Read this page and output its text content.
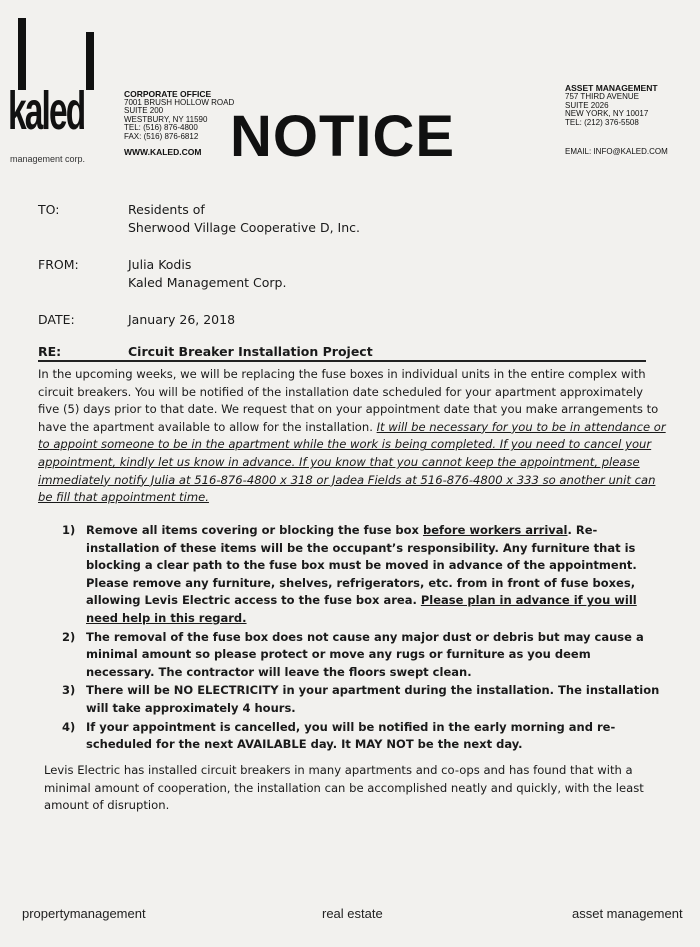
kaled
management corp.
CORPORATE OFFICE
7001 BRUSH HOLLOW ROAD
SUITE 200
WESTBURY, NY 11590
TEL: (516) 876-4800
FAX: (516) 876-6812
WWW.KALED.COM NOTICE
ASSET MANAGEMENT
757 THIRD AVENUE
SUITE 2026
NEW YORK, NY 10017
TEL: (212) 376-5508
EMAIL: INFO@KALED.COM
TO:	Residents of
Sherwood Village Cooperative D, Inc.
FROM:	Julia Kodis
Kaled Management Corp.
DATE:	January 26, 2018
RE:	Circuit Breaker Installation Project
In the upcoming weeks, we will be replacing the fuse boxes in individual units in the entire complex with circuit breakers. You will be notified of the installation date scheduled for your apartment approximately five (5) days prior to that date. We request that on your appointment date that you make arrangements to have the apartment available to allow for the installation. It will be necessary for you to be in attendance or to appoint someone to be in the apartment while the work is being completed. If you need to cancel your appointment, kindly let us know in advance. If you know that you cannot keep the appointment, please immediately notify Julia at 516-876-4800 x 318 or Jadea Fields at 516-876-4800 x 333 so another unit can be fill that appointment time.
1) Remove all items covering or blocking the fuse box before workers arrival. Re-installation of these items will be the occupant’s responsibility. Any furniture that is blocking a clear path to the fuse box must be moved in advance of the appointment. Please remove any furniture, shelves, refrigerators, etc. from in front of fuse boxes, allowing Levis Electric access to the fuse box area. Please plan in advance if you will need help in this regard.
2) The removal of the fuse box does not cause any major dust or debris but may cause a minimal amount so please protect or move any rugs or furniture as you deem necessary. The contractor will leave the floors swept clean.
3) There will be NO ELECTRICITY in your apartment during the installation. The installation will take approximately 4 hours.
4) If your appointment is cancelled, you will be notified in the early morning and re-scheduled for the next AVAILABLE day. It MAY NOT be the next day.
Levis Electric has installed circuit breakers in many apartments and co-ops and has found that with a minimal amount of cooperation, the installation can be accomplished neatly and quickly, with the least amount of disruption.
propertymanagement	real estate	asset management
